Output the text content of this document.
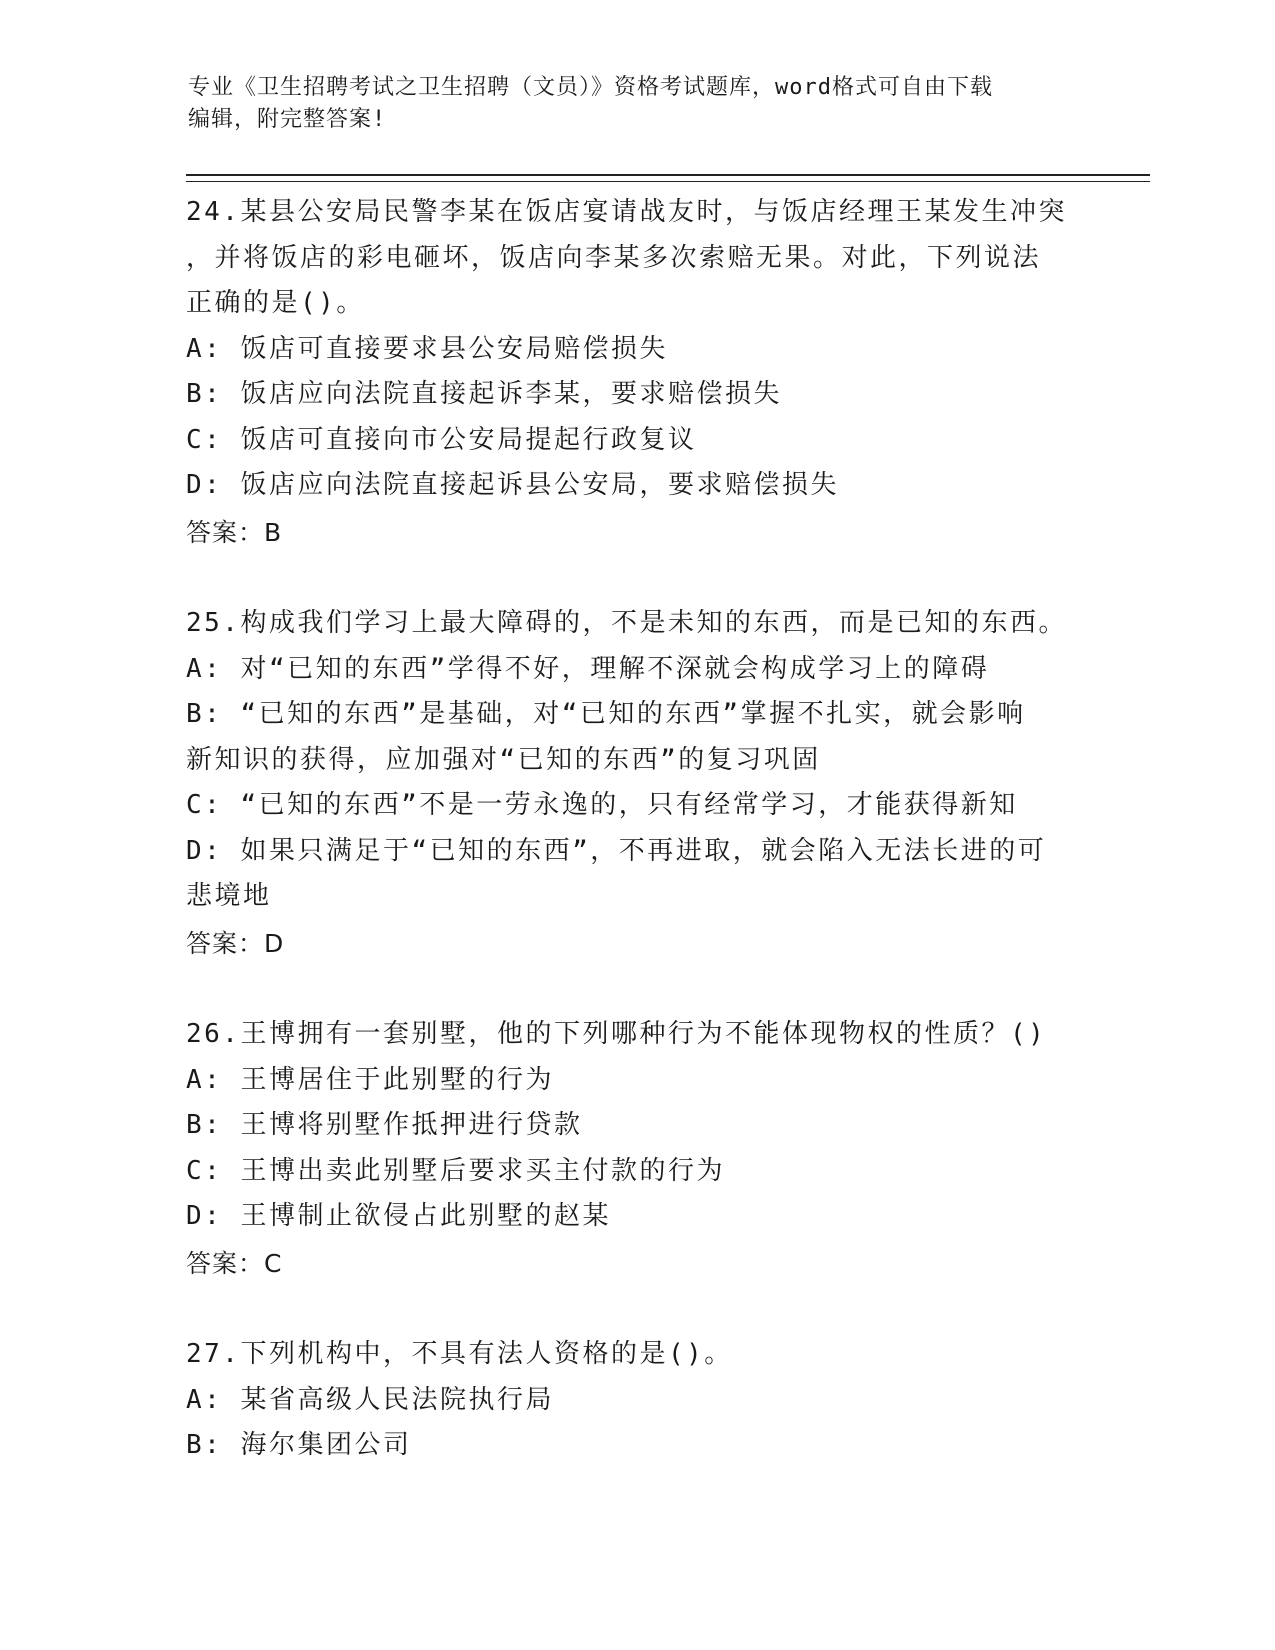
专业《卫生招聘考试之卫生招聘（文员）》资格考试题库，word格式可自由下载
编辑，附完整答案!
24.某县公安局民警李某在饭店宴请战友时，与饭店经理王某发生冲突
，并将饭店的彩电砸坏，饭店向李某多次索赔无果。对此，下列说法
正确的是()。
A: 饭店可直接要求县公安局赔偿损失
B: 饭店应向法院直接起诉李某，要求赔偿损失
C: 饭店可直接向市公安局提起行政复议
D: 饭店应向法院直接起诉县公安局，要求赔偿损失
答案：B
25.构成我们学习上最大障碍的，不是未知的东西，而是已知的东西。
A: 对“已知的东西”学得不好，理解不深就会构成学习上的障碍
B: “已知的东西”是基础，对“已知的东西”掌握不扎实，就会影响
新知识的获得，应加强对“已知的东西”的复习巩固
C: “已知的东西”不是一劳永逸的，只有经常学习，才能获得新知
D: 如果只满足于“已知的东西”，不再进取，就会陷入无法长进的可
悲境地
答案：D
26.王博拥有一套别墅，他的下列哪种行为不能体现物权的性质？()
A: 王博居住于此别墅的行为
B: 王博将别墅作抵押进行贷款
C: 王博出卖此别墅后要求买主付款的行为
D: 王博制止欲侵占此别墅的赵某
答案：C
27.下列机构中，不具有法人资格的是()。
A: 某省高级人民法院执行局
B: 海尔集团公司
